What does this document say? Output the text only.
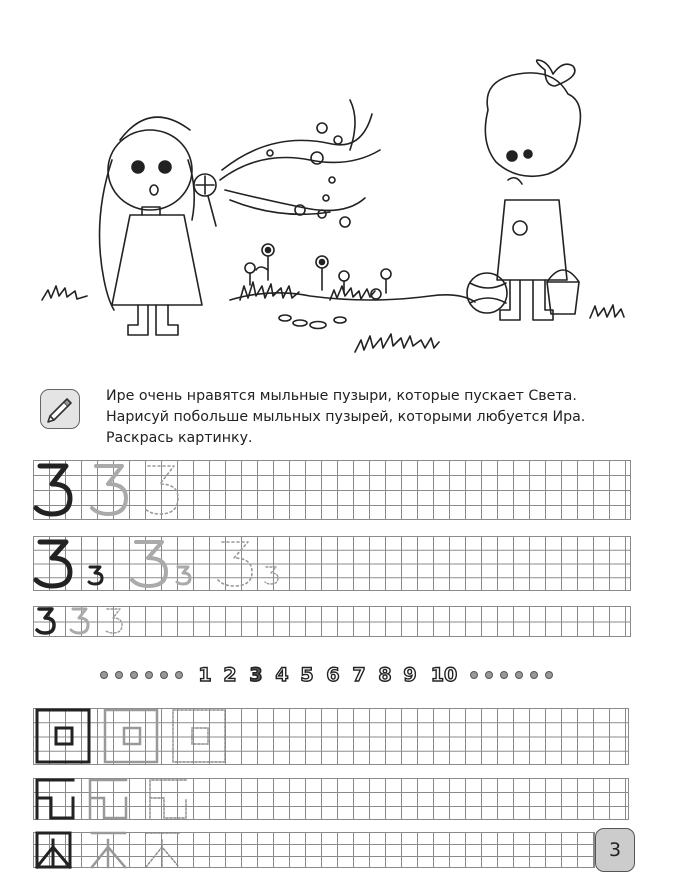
Ире очень нравятся мыльные пузыри, которые пускает Света.
Нарисуй побольше мыльных пузырей, которыми любуется Ира.
Раскрась картинку.
1 2 3 4 5 6 7 8 9 10
3
